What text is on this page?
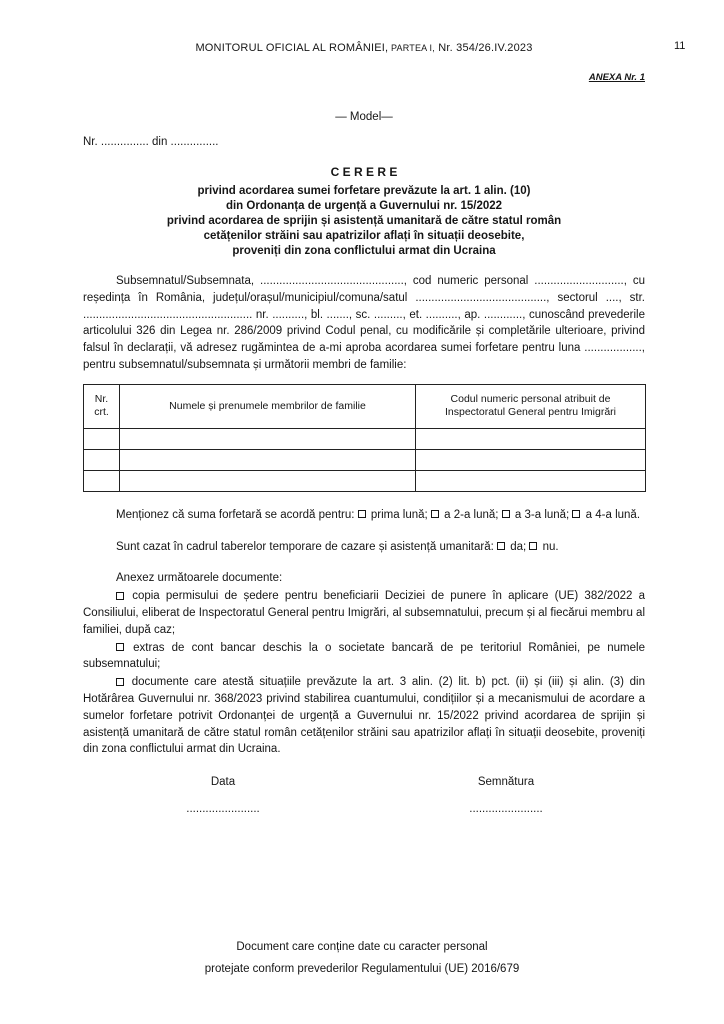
11
MONITORUL OFICIAL AL ROMÂNIEI, PARTEA I, Nr. 354/26.IV.2023
ANEXA Nr. 1
— Model—
Nr. ............... din ...............
C E R E R E
privind acordarea sumei forfetare prevăzute la art. 1 alin. (10)
din Ordonanța de urgență a Guvernului nr. 15/2022
privind acordarea de sprijin și asistență umanitară de către statul român
cetățenilor străini sau apatrizilor aflați în situații deosebite,
proveniți din zona conflictului armat din Ucraina

Subsemnatul/Subsemnata, ............................................., cod numeric personal ............................, cu reședința în România, județul/orașul/municipiul/comuna/satul ........................................., sectorul ...., str. ..................................................... nr. .........., bl. ......., sc. ........., et. .........., ap. ............, cunoscând prevederile articolului 326 din Legea nr. 286/2009 privind Codul penal, cu modificările și completările ulterioare, privind falsul în declarații, vă adresez rugămintea de a-mi aproba acordarea sumei forfetare pentru luna .................., pentru subsemnatul/subsemnata și următorii membri de familie:

Nr. crt.	Numele și prenumele membrilor de familie	Codul numeric personal atribuit de Inspectoratul General pentru Imigrări

Menționez că suma forfetară se acordă pentru: prima lună; a 2-a lună; a 3-a lună; a 4-a lună.

Sunt cazat în cadrul taberelor temporare de cazare și asistență umanitară: da; nu.

Anexez următoarele documente:

copia permisului de ședere pentru beneficiarii Deciziei de punere în aplicare (UE) 382/2022 a Consiliului, eliberat de Inspectoratul General pentru Imigrări, al subsemnatului, precum și al fiecărui membru al familiei, după caz;

extras de cont bancar deschis la o societate bancară de pe teritoriul României, pe numele subsemnatului;

documente care atestă situațiile prevăzute la art. 3 alin. (2) lit. b) pct. (ii) și (iii) și alin. (3) din Hotărârea Guvernului nr. 368/2023 privind stabilirea cuantumului, condițiilor și a mecanismului de acordare a sumelor forfetare potrivit Ordonanței de urgență a Guvernului nr. 15/2022 privind acordarea de sprijin și asistență umanitară de către statul român cetățenilor străini sau apatrizilor aflați în situații deosebite, proveniți din zona conflictului armat din Ucraina.

Data
.......................
Semnătura
.......................
Document care conține date cu caracter personal
protejate conform prevederilor Regulamentului (UE) 2016/679
